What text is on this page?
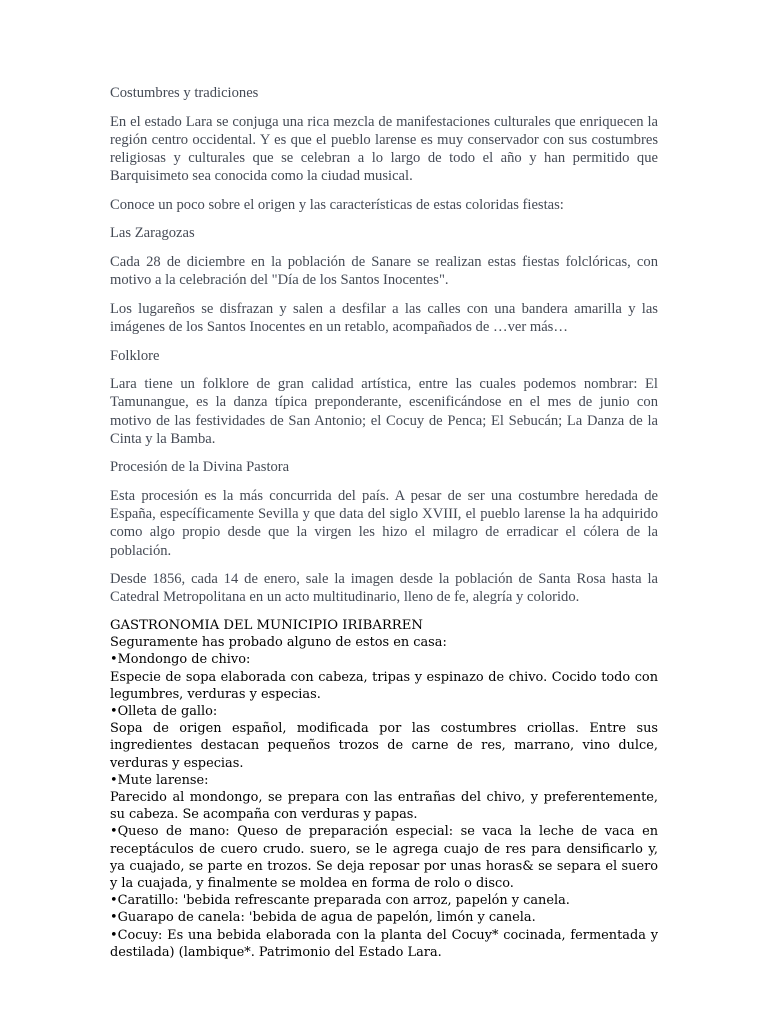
Costumbres y tradiciones

En el estado Lara se conjuga una rica mezcla de manifestaciones culturales que enriquecen la región centro occidental. Y es que el pueblo larense es muy conservador con sus costumbres religiosas y culturales que se celebran a lo largo de todo el año y han permitido que Barquisimeto sea conocida como la ciudad musical.

Conoce un poco sobre el origen y las características de estas coloridas fiestas:

Las Zaragozas

Cada 28 de diciembre en la población de Sanare se realizan estas fiestas folclóricas, con motivo a la celebración del "Día de los Santos Inocentes".

Los lugareños se disfrazan y salen a desfilar a las calles con una bandera amarilla y las imágenes de los Santos Inocentes en un retablo, acompañados de …ver más…

Folklore

Lara tiene un folklore de gran calidad artística, entre las cuales podemos nombrar: El Tamunangue, es la danza típica preponderante, escenificándose en el mes de junio con motivo de las festividades de San Antonio; el Cocuy de Penca; El Sebucán; La Danza de la Cinta y la Bamba.

Procesión de la Divina Pastora

Esta procesión es la más concurrida del país. A pesar de ser una costumbre heredada de España, específicamente Sevilla y que data del siglo XVIII, el pueblo larense la ha adquirido como algo propio desde que la virgen les hizo el milagro de erradicar el cólera de la población.

Desde 1856, cada 14 de enero, sale la imagen desde la población de Santa Rosa hasta la Catedral Metropolitana en un acto multitudinario, lleno de fe, alegría y colorido.

GASTRONOMIA DEL MUNICIPIO IRIBARREN
Seguramente has probado alguno de estos en casa:
•Mondongo de chivo:
Especie de sopa elaborada con cabeza, tripas y espinazo de chivo. Cocido todo con legumbres, verduras y especias.
•Olleta de gallo:
Sopa de origen español, modificada por las costumbres criollas. Entre sus ingredientes destacan pequeños trozos de carne de res, marrano, vino dulce, verduras y especias.
•Mute larense:
Parecido al mondongo, se prepara con las entrañas del chivo, y preferentemente, su cabeza. Se acompaña con verduras y papas.
•Queso de mano: Queso de preparación especial: se vaca la leche de vaca en receptáculos de cuero crudo. suero, se le agrega cuajo de res para densificarlo y, ya cuajado, se parte en trozos. Se deja reposar por unas horas& se separa el suero y la cuajada, y finalmente se moldea en forma de rolo o disco.
•Caratillo: 'bebida refrescante preparada con arroz, papelón y canela.
•Guarapo de canela: 'bebida de agua de papelón, limón y canela.
•Cocuy: Es una bebida elaborada con la planta del Cocuy* cocinada, fermentada y destilada) (lambique*. Patrimonio del Estado Lara.
